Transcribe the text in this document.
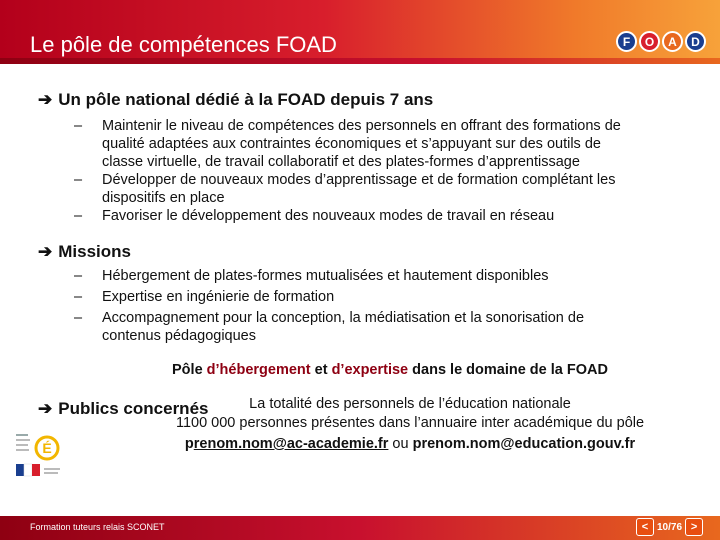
Le pôle de compétences FOAD	F	O	A	D
➔ Un pôle national dédié à la FOAD depuis 7 ans
– Maintenir le niveau de compétences des personnels en offrant des formations de
qualité adaptées aux contraintes économiques et s’appuyant sur des outils de
classe virtuelle, de travail collaboratif et des plates-formes d’apprentissage
– Développer de nouveaux modes d’apprentissage et de formation complétant les
dispositifs en place
– Favoriser le développement des nouveaux modes de travail en réseau
➔ Missions
– Hébergement de plates-formes mutualisées et hautement disponibles
– Expertise en ingénierie de formation
– Accompagnement pour la conception, la médiatisation et la sonorisation de
contenus pédagogiques
Pôle d’hébergement et d’expertise dans le domaine de la FOAD
➔ Publics concernés
É
La totalité des personnels de l’éducation nationale
1100 000 personnes présentes dans l’annuaire inter académique du pôle
prenom.nom@ac-academie.fr ou prenom.nom@education.gouv.fr
Formation tuteurs relais SCONET	< 10/76 >
